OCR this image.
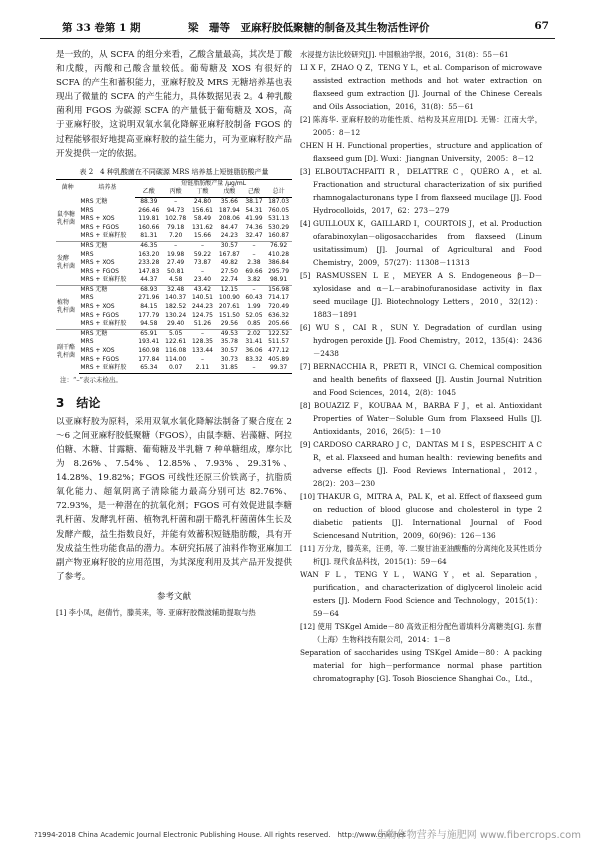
第 33 卷第 1 期	梁　珊等　 亚麻籽胶低聚糖的制备及其生物活性评价	67

是一致的，从 SCFA 的组分来看，乙酸含量最高，其次是丁酸和戊酸，丙酸和己酸含量较低。葡萄糖及 XOS 有很好的 SCFA 的产生和蓄积能力，亚麻籽胶及 MRS 无糖培养基也表现出了微量的 SCFA 的产生能力，具体数据见表 2。4 种乳酸菌利用 FGOS 为碳源 SCFA 的产量低于葡萄糖及 XOS，高于亚麻籽胶，这说明双氧水氧化降解亚麻籽胶制备 FGOS 的过程能够很好地提高亚麻籽胶的益生能力，可为亚麻籽胶产品开发提供一定的依据。

表 2　4 种乳酸菌在不同碳源 MRS 培养基上短链脂肪酸产量
菌种	培养基	短链脂肪酸产量 /μg/mL					
		乙酸	丙酸	丁酸	戊酸	己酸	总计
鼠李糖
乳杆菌	MRS 无糖	88.39	–	24.80	35.66	38.17	187.03
	MRS	266.46	94.73	156.61	187.94	54.31	760.05
	MRS + XOS	119.81	102.78	58.49	208.06	41.99	531.13
	MRS + FGOS	160.66	79.18	131.62	84.47	74.36	530.29
	MRS + 亚麻籽胶	81.31	7.20	15.66	24.23	32.47	160.87
发酵
乳杆菌	MRS 无糖	46.35	–	–	30.57	–	76.92
	MRS	163.20	19.98	59.22	167.87	–	410.28
	MRS + XOS	233.28	27.49	73.87	49.82	2.38	386.84
	MRS + FGOS	147.83	50.81	–	27.50	69.66	295.79
	MRS + 亚麻籽胶	44.37	4.58	23.40	22.74	3.82	98.91
植物
乳杆菌	MRS 无糖	68.93	32.48	43.42	12.15	–	156.98
	MRS	271.96	140.37	140.51	100.90	60.43	714.17
	MRS + XOS	84.15	182.52	244.23	207.61	1.99	720.49
	MRS + FGOS	177.79	130.24	124.75	151.50	52.05	636.32
	MRS + 亚麻籽胶	94.58	29.40	51.26	29.56	0.85	205.66
副干酪
乳杆菌	MRS 无糖	65.91	5.05	–	49.53	2.02	122.52
	MRS	193.41	122.61	128.35	35.78	31.41	511.57
	MRS + XOS	160.98	116.08	133.44	30.57	36.06	477.12
	MRS + FGOS	177.84	114.00	–	30.73	83.32	405.89
	MRS + 亚麻籽胶	65.34	0.07	2.11	31.85	–	99.37
注：“–”表示未检出。
3　结论

以亚麻籽胶为原料，采用双氧水氧化降解法制备了聚合度在 2～6 之间亚麻籽胶低聚糖（FGOS），由鼠李糖、岩藻糖、阿拉伯糖、木糖、甘露糖、葡萄糖及半乳糖 7 种单糖组成，摩尔比为 8.26%、7.54%、12.85%、7.93%、29.31%、14.28%、19.82%；FGOS 可线性还原三价铁离子，抗脂质氧化能力、超氧阴离子清除能力最高分别可达 82.76%、72.93%，是一种潜在的抗氧化剂；FGOS 可有效促进鼠李糖乳杆菌、发酵乳杆菌、植物乳杆菌和副干酪乳杆菌菌体生长及发酵产酸，益生指数良好，并能有效蓄积短链脂肪酸，具有开发成益生性功能食品的潜力。本研究拓展了油料作物亚麻加工副产物亚麻籽胶的应用范围，为其深度利用及其产品开发提供了参考。

参考文献
[1] 李小凤，赵倩竹，滕英来，等. 亚麻籽胶微波辅助提取与热
水浸提方法比较研究[J]. 中国粮油学报，2016，31(8)：55－61
LI X F，ZHAO Q Z，TENG Y L，et al. Comparison of microwave assisted extraction methods and hot water extraction on flaxseed gum extraction [J]. Journal of the Chinese Cereals and Oils Association，2016，31(8)：55－61
[2] 陈海华. 亚麻籽胶的功能性质、结构及其应用[D]. 无锡：江南大学，2005：8－12
CHEN H H. Functional properties，structure and application of flaxseed gum [D]. Wuxi：Jiangnan University，2005：8－12
[3] ELBOUTACHFAITI R，DELATTRE C，QUÉRO A，et al. Fractionation and structural characterization of six purified rhamnogalacturonans type I from flaxseed mucilage [J]. Food Hydrocolloids，2017，62：273－279
[4] GUILLOUX K，GAILLARD I，COURTOIS J，et al. Production ofarabinoxylan－oligosaccharides from flaxseed (Linum usitatissimum) [J]. Journal of Agricultural and Food Chemistry，2009，57(27)：11308－11313
[5] RASMUSSEN L E，MEYER A S. Endogeneous β－D－xylosidase and α－L－arabinofuranosidase activity in flax seed mucilage [J]. Biotechnology Letters，2010，32(12)：1883－1891
[6] WU S，CAI R，SUN Y. Degradation of curdlan using hydrogen peroxide [J]. Food Chemistry，2012，135(4)：2436－2438
[7] BERNACCHIA R，PRETI R，VINCI G. Chemical composition and health benefits of flaxseed [J]. Austin Journal Nutrition and Food Sciences，2014，2(8)：1045
[8] BOUAZIZ F，KOUBAA M，BARBA F J，et al. Antioxidant Properties of Water－Soluble Gum from Flaxseed Hulls [J]. Antioxidants，2016，26(5)：1－10
[9] CARDOSO CARRARO J C，DANTAS M I S，ESPESCHIT A C R，et al. Flaxseed and human health：reviewing benefits and adverse effects [J]. Food Reviews International，2012，28(2)：203－230
[10] THAKUR G，MITRA A，PAL K，et al. Effect of flaxseed gum on reduction of blood glucose and cholesterol in type 2 diabetic patients [J]. International Journal of Food Sciencesand Nutrition，2009，60(96)：126－136
[11] 万分龙，滕英来，汪勇，等. 二聚甘油亚油酸酯的分离纯化及其性质分析[J]. 现代食品科技，2015(1)：59－64
WAN F L，TENG Y L，WANG Y，et al. Separation，purification，and characterization of diglycerol linoleic acid esters [J]. Modern Food Science and Technology，2015(1)：59－64
[12] 使用 TSKgel Amide－80 高效正相分配色谱填料分离糖类[G]. 东曹（上海）生物科技有限公司，2014：1－8
Separation of saccharides using TSKgel Amide－80：A packing material for high－performance normal phase partition chromatography [G]. Tosoh Bioscience Shanghai Co.，Ltd.，
?1994-2018 China Academic Journal Electronic Publishing House. All rights reserved.　http://www.cnki.net
生物作物营养与施肥网 www.fibercrops.com
